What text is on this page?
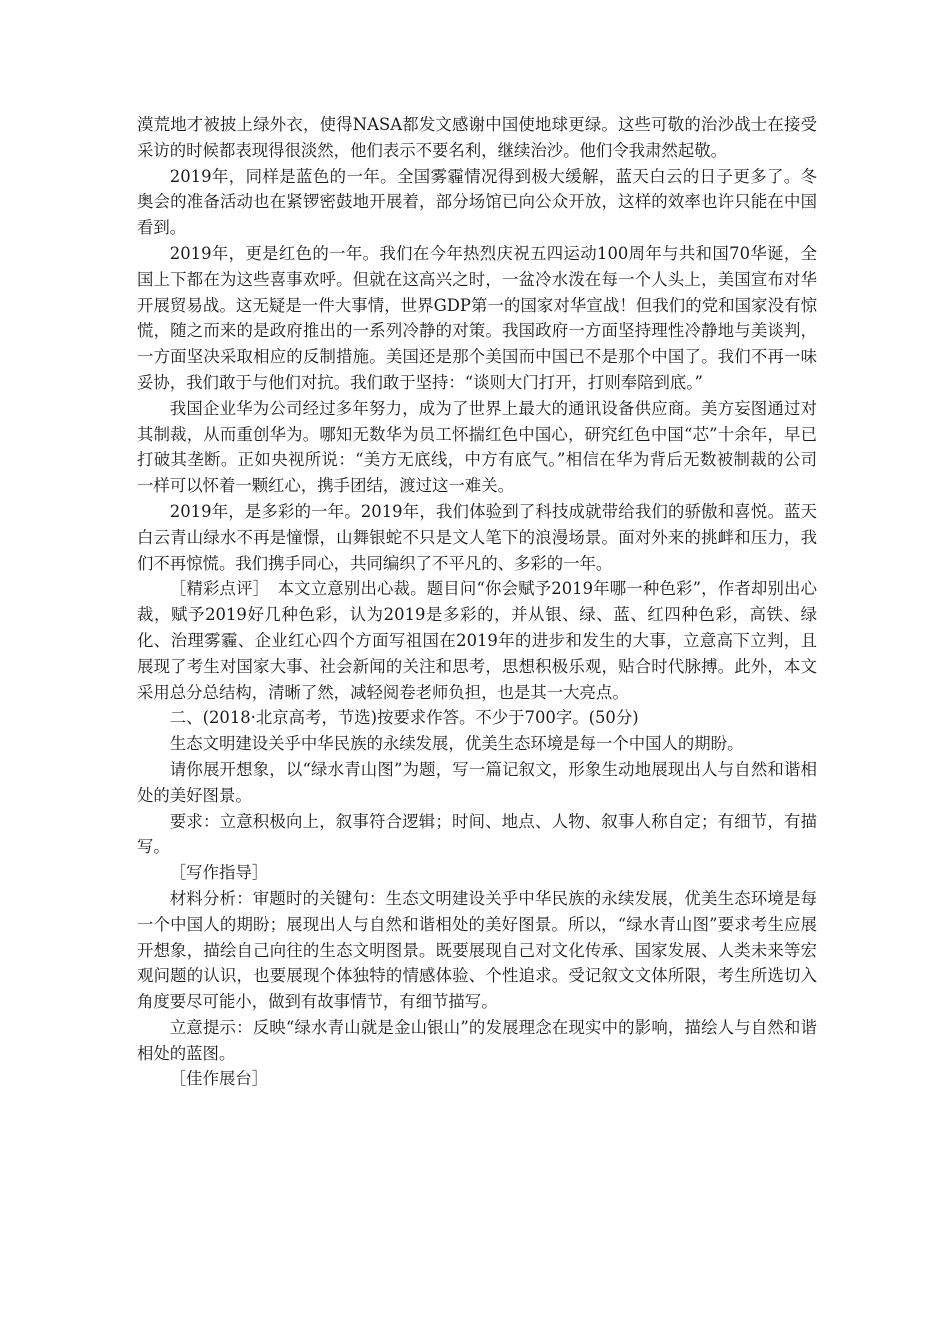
漠荒地才被披上绿外衣，使得NASA都发文感谢中国使地球更绿。这些可敬的治沙战士在接受采访的时候都表现得很淡然，他们表示不要名利，继续治沙。他们令我肃然起敬。

2019年，同样是蓝色的一年。全国雾霾情况得到极大缓解，蓝天白云的日子更多了。冬奥会的准备活动也在紧锣密鼓地开展着，部分场馆已向公众开放，这样的效率也许只能在中国看到。

2019年，更是红色的一年。我们在今年热烈庆祝五四运动100周年与共和国70华诞，全国上下都在为这些喜事欢呼。但就在这高兴之时，一盆冷水泼在每一个人头上，美国宣布对华开展贸易战。这无疑是一件大事情，世界GDP第一的国家对华宣战！但我们的党和国家没有惊慌，随之而来的是政府推出的一系列冷静的对策。我国政府一方面坚持理性冷静地与美谈判，一方面坚决采取相应的反制措施。美国还是那个美国而中国已不是那个中国了。我们不再一味妥协，我们敢于与他们对抗。我们敢于坚持：“谈则大门打开，打则奉陪到底。”

我国企业华为公司经过多年努力，成为了世界上最大的通讯设备供应商。美方妄图通过对其制裁，从而重创华为。哪知无数华为员工怀揣红色中国心，研究红色中国“芯”十余年，早已打破其垄断。正如央视所说：“美方无底线，中方有底气。”相信在华为背后无数被制裁的公司一样可以怀着一颗红心，携手团结，渡过这一难关。

2019年，是多彩的一年。2019年，我们体验到了科技成就带给我们的骄傲和喜悦。蓝天白云青山绿水不再是憧憬，山舞银蛇不只是文人笔下的浪漫场景。面对外来的挑衅和压力，我们不再惊慌。我们携手同心，共同编织了不平凡的、多彩的一年。

［精彩点评］　本文立意别出心裁。题目问“你会赋予2019年哪一种色彩”，作者却别出心裁，赋予2019好几种色彩，认为2019是多彩的，并从银、绿、蓝、红四种色彩，高铁、绿化、治理雾霾、企业红心四个方面写祖国在2019年的进步和发生的大事，立意高下立判，且展现了考生对国家大事、社会新闻的关注和思考，思想积极乐观，贴合时代脉搏。此外，本文采用总分总结构，清晰了然，减轻阅卷老师负担，也是其一大亮点。

二、(2018·北京高考，节选)按要求作答。不少于700字。(50分)

生态文明建设关乎中华民族的永续发展，优美生态环境是每一个中国人的期盼。

请你展开想象，以“绿水青山图”为题，写一篇记叙文，形象生动地展现出人与自然和谐相处的美好图景。

要求：立意积极向上，叙事符合逻辑；时间、地点、人物、叙事人称自定；有细节，有描写。

［写作指导］

材料分析：审题时的关键句：生态文明建设关乎中华民族的永续发展，优美生态环境是每一个中国人的期盼；展现出人与自然和谐相处的美好图景。所以，“绿水青山图”要求考生应展开想象，描绘自己向往的生态文明图景。既要展现自己对文化传承、国家发展、人类未来等宏观问题的认识，也要展现个体独特的情感体验、个性追求。受记叙文文体所限，考生所选切入角度要尽可能小，做到有故事情节，有细节描写。

立意提示：反映“绿水青山就是金山银山”的发展理念在现实中的影响，描绘人与自然和谐相处的蓝图。

［佳作展台］
